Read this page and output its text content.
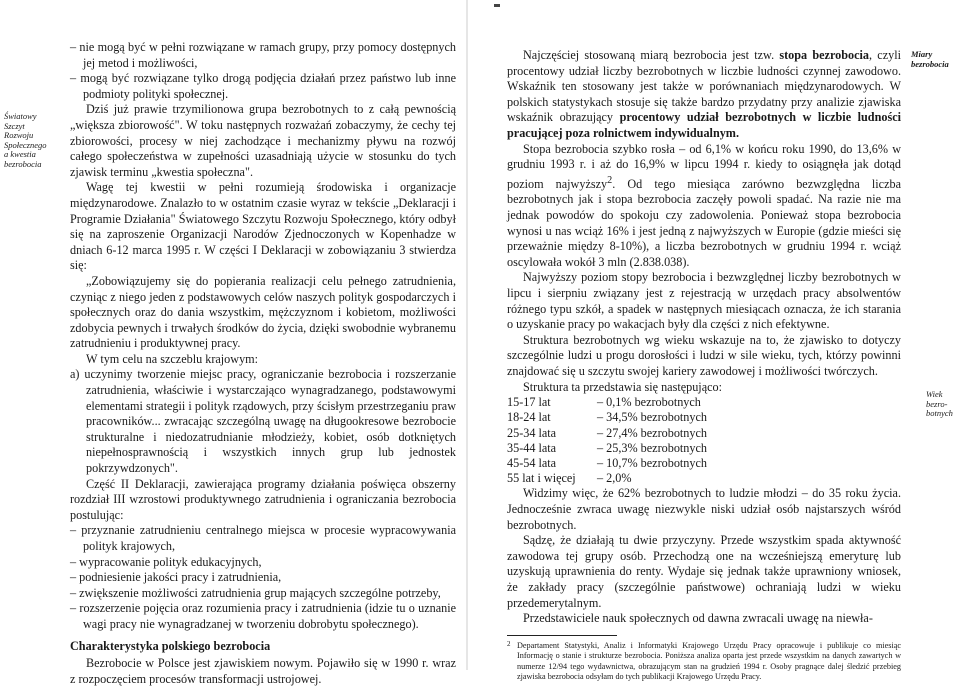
Światowy
Szczyt
Rozwoju
Społecznego
a kwestia
bezrobocia

– nie mogą być w pełni rozwiązane w ramach grupy, przy pomocy dostępnych jej metod i możliwości,

– mogą być rozwiązane tylko drogą podjęcia działań przez państwo lub inne podmioty polityki społecznej.

Dziś już prawie trzymilionowa grupa bezrobotnych to z całą pewnością „większa zbiorowość". W toku następnych rozważań zobaczymy, że cechy tej zbiorowości, procesy w niej zachodzące i mechanizmy pływu na rozwój całego społeczeństwa w zupełności uzasadniają użycie w stosunku do tych zjawisk terminu „kwestia społeczna".

Wagę tej kwestii w pełni rozumieją środowiska i organizacje międzynarodowe. Znalazło to w ostatnim czasie wyraz w tekście „Deklaracji i Programie Działania" Światowego Szczytu Rozwoju Społecznego, który odbył się na zaproszenie Organizacji Narodów Zjednoczonych w Kopenhadze w dniach 6-12 marca 1995 r. W części I Deklaracji w zobowiązaniu 3 stwierdza się:

„Zobowiązujemy się do popierania realizacji celu pełnego zatrudnienia, czyniąc z niego jeden z podstawowych celów naszych polityk gospodarczych i społecznych oraz do dania wszystkim, mężczyznom i kobietom, możliwości zdobycia pewnych i trwałych środków do życia, dzięki swobodnie wybranemu zatrudnieniu i produktywnej pracy.

W tym celu na szczeblu krajowym:

a) uczynimy tworzenie miejsc pracy, ograniczanie bezrobocia i rozszerzanie zatrudnienia, właściwie i wystarczająco wynagradzanego, podstawowymi elementami strategii i polityk rządowych, przy ścisłym przestrzeganiu praw pracowników... zwracając szczególną uwagę na długookresowe bezrobocie strukturalne i niedozatrudnianie młodzieży, kobiet, osób dotkniętych niepełnosprawnością i wszystkich innych grup lub jednostek pokrzywdzonych".

Część II Deklaracji, zawierająca programy działania poświęca obszerny rozdział III wzrostowi produktywnego zatrudnienia i ograniczania bezrobocia postulując:

– przyznanie zatrudnieniu centralnego miejsca w procesie wypracowywania polityk krajowych,

– wypracowanie polityk edukacyjnych,

– podniesienie jakości pracy i zatrudnienia,

– zwiększenie możliwości zatrudnienia grup mających szczególne potrzeby,

– rozszerzenie pojęcia oraz rozumienia pracy i zatrudnienia (idzie tu o uznanie wagi pracy nie wynagradzanej w tworzeniu dobrobytu społecznego).

Charakterystyka polskiego bezrobocia

Bezrobocie w Polsce jest zjawiskiem nowym. Pojawiło się w 1990 r. wraz z rozpoczęciem procesów transformacji ustrojowej.

Miary
bezrobocia
Wiek
bezro-
botnych

Najczęściej stosowaną miarą bezrobocia jest tzw. stopa bezrobocia, czyli procentowy udział liczby bezrobotnych w liczbie ludności czynnej zawodowo. Wskaźnik ten stosowany jest także w porównaniach międzynarodowych. W polskich statystykach stosuje się także bardzo przydatny przy analizie zjawiska wskaźnik obrazujący procentowy udział bezrobotnych w liczbie ludności pracującej poza rolnictwem indywidualnym.

Stopa bezrobocia szybko rosła – od 6,1% w końcu roku 1990, do 13,6% w grudniu 1993 r. i aż do 16,9% w lipcu 1994 r. kiedy to osiągnęła jak dotąd poziom najwyższy$^2$. Od tego miesiąca zarówno bezwzględna liczba bezrobotnych jak i stopa bezrobocia zaczęły powoli spadać. Na razie nie ma jednak powodów do spokoju czy zadowolenia. Ponieważ stopa bezrobocia wynosi u nas wciąż 16% i jest jedną z najwyższych w Europie (gdzie mieści się przeważnie między 8-10%), a liczba bezrobotnych w grudniu 1994 r. wciąż oscylowała wokół 3 mln (2.838.038).

Najwyższy poziom stopy bezrobocia i bezwzględnej liczby bezrobotnych w lipcu i sierpniu związany jest z rejestracją w urzędach pracy absolwentów różnego typu szkół, a spadek w następnych miesiącach oznacza, że ich starania o uzyskanie pracy po wakacjach były dla części z nich efektywne.

Struktura bezrobotnych wg wieku wskazuje na to, że zjawisko to dotyczy szczególnie ludzi u progu dorosłości i ludzi w sile wieku, tych, którzy powinni znajdować się u szczytu swojej kariery zawodowej i możliwości twórczych.

Struktura ta przedstawia się następująco:

15-17 lat	– 0,1% bezrobotnych
18-24 lat	– 34,5% bezrobotnych
25-34 lata	– 27,4% bezrobotnych
35-44 lata	– 25,3% bezrobotnych
45-54 lata	– 10,7% bezrobotnych
55 lat i więcej	– 2,0%

Widzimy więc, że 62% bezrobotnych to ludzie młodzi – do 35 roku życia. Jednocześnie zwraca uwagę niezwykle niski udział osób najstarszych wśród bezrobotnych.

Sądzę, że działają tu dwie przyczyny. Przede wszystkim spada aktywność zawodowa tej grupy osób. Przechodzą one na wcześniejszą emeryturę lub uzyskują uprawnienia do renty. Wydaje się jednak także uprawniony wniosek, że zakłady pracy (szczególnie państwowe) ochraniają ludzi w wieku przedemerytalnym.

Przedstawiciele nauk społecznych od dawna zwracali uwagę na niewła-

2 Departament Statystyki, Analiz i Informatyki Krajowego Urzędu Pracy opracowuje i publikuje co miesiąc Informację o stanie i strukturze bezrobocia. Poniższa analiza oparta jest przede wszystkim na danych zawartych w numerze 12/94 tego wydawnictwa, obrazującym stan na grudzień 1994 r. Osoby pragnące dalej śledzić przebieg zjawiska bezrobocia odsyłam do tych publikacji Krajowego Urzędu Pracy.
